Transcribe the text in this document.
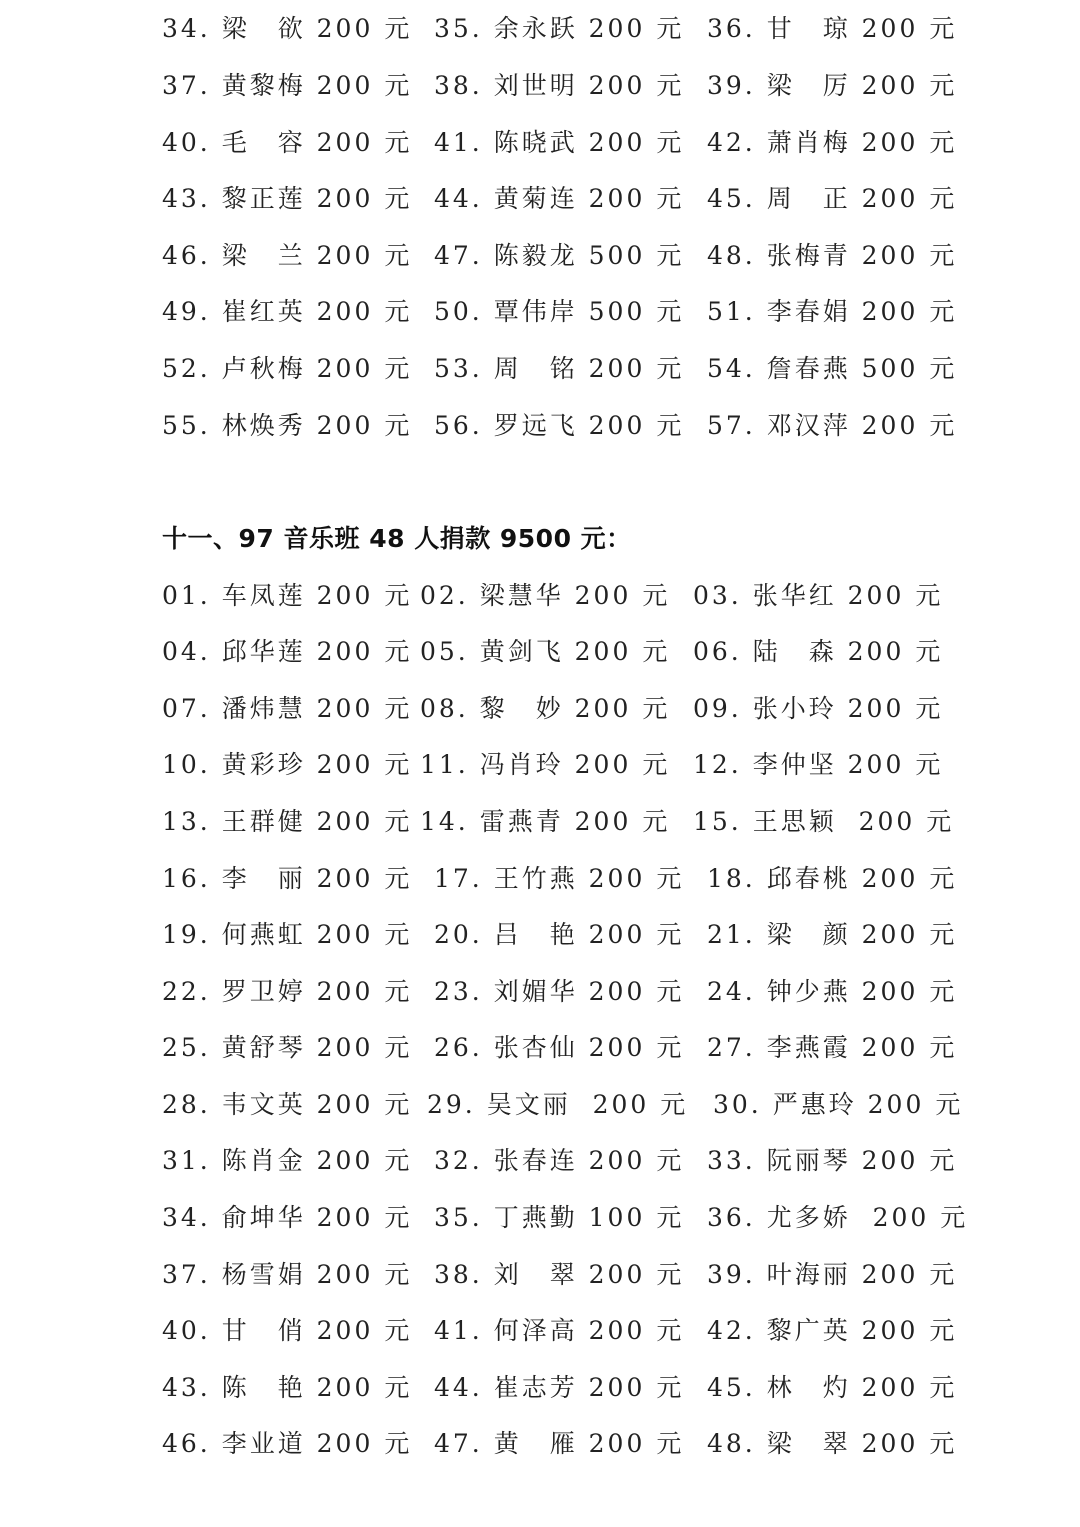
34. 梁　欲 200 元 35. 余永跃 200 元 36. 甘　琼 200 元
37. 黄黎梅 200 元 38. 刘世明 200 元 39. 梁　厉 200 元
40. 毛　容 200 元 41. 陈晓武 200 元 42. 萧肖梅 200 元
43. 黎正莲 200 元 44. 黄菊连 200 元 45. 周　正 200 元
46. 梁　兰 200 元 47. 陈毅龙 500 元 48. 张梅青 200 元
49. 崔红英 200 元 50. 覃伟岸 500 元 51. 李春娟 200 元
52. 卢秋梅 200 元 53. 周　铭 200 元 54. 詹春燕 500 元
55. 林焕秀 200 元 56. 罗远飞 200 元 57. 邓汉萍 200 元
十一、97 音乐班 48 人捐款 9500 元：
01. 车凤莲 200 元 02. 梁慧华 200 元 03. 张华红 200 元
04. 邱华莲 200 元 05. 黄剑飞 200 元 06. 陆　森 200 元
07. 潘炜慧 200 元 08. 黎　妙 200 元 09. 张小玲 200 元
10. 黄彩珍 200 元 11. 冯肖玲 200 元 12. 李仲坚 200 元
13. 王群健 200 元 14. 雷燕青 200 元 15. 王思颖  200 元
16. 李　丽 200 元 17. 王竹燕 200 元 18. 邱春桃 200 元
19. 何燕虹 200 元 20. 吕　艳 200 元 21. 梁　颜 200 元
22. 罗卫婷 200 元 23. 刘媚华 200 元 24. 钟少燕 200 元
25. 黄舒琴 200 元 26. 张杏仙 200 元 27. 李燕霞 200 元
28. 韦文英 200 元 29. 吴文丽  200 元 30. 严惠玲 200 元
31. 陈肖金 200 元 32. 张春连 200 元 33. 阮丽琴 200 元
34. 俞坤华 200 元 35. 丁燕勤 100 元 36. 尤多娇  200 元
37. 杨雪娟 200 元 38. 刘　翠 200 元 39. 叶海丽 200 元
40. 甘　俏 200 元 41. 何泽高 200 元 42. 黎广英 200 元
43. 陈　艳 200 元 44. 崔志芳 200 元 45. 林　灼 200 元
46. 李业道 200 元 47. 黄　雁 200 元 48. 梁　翠 200 元
